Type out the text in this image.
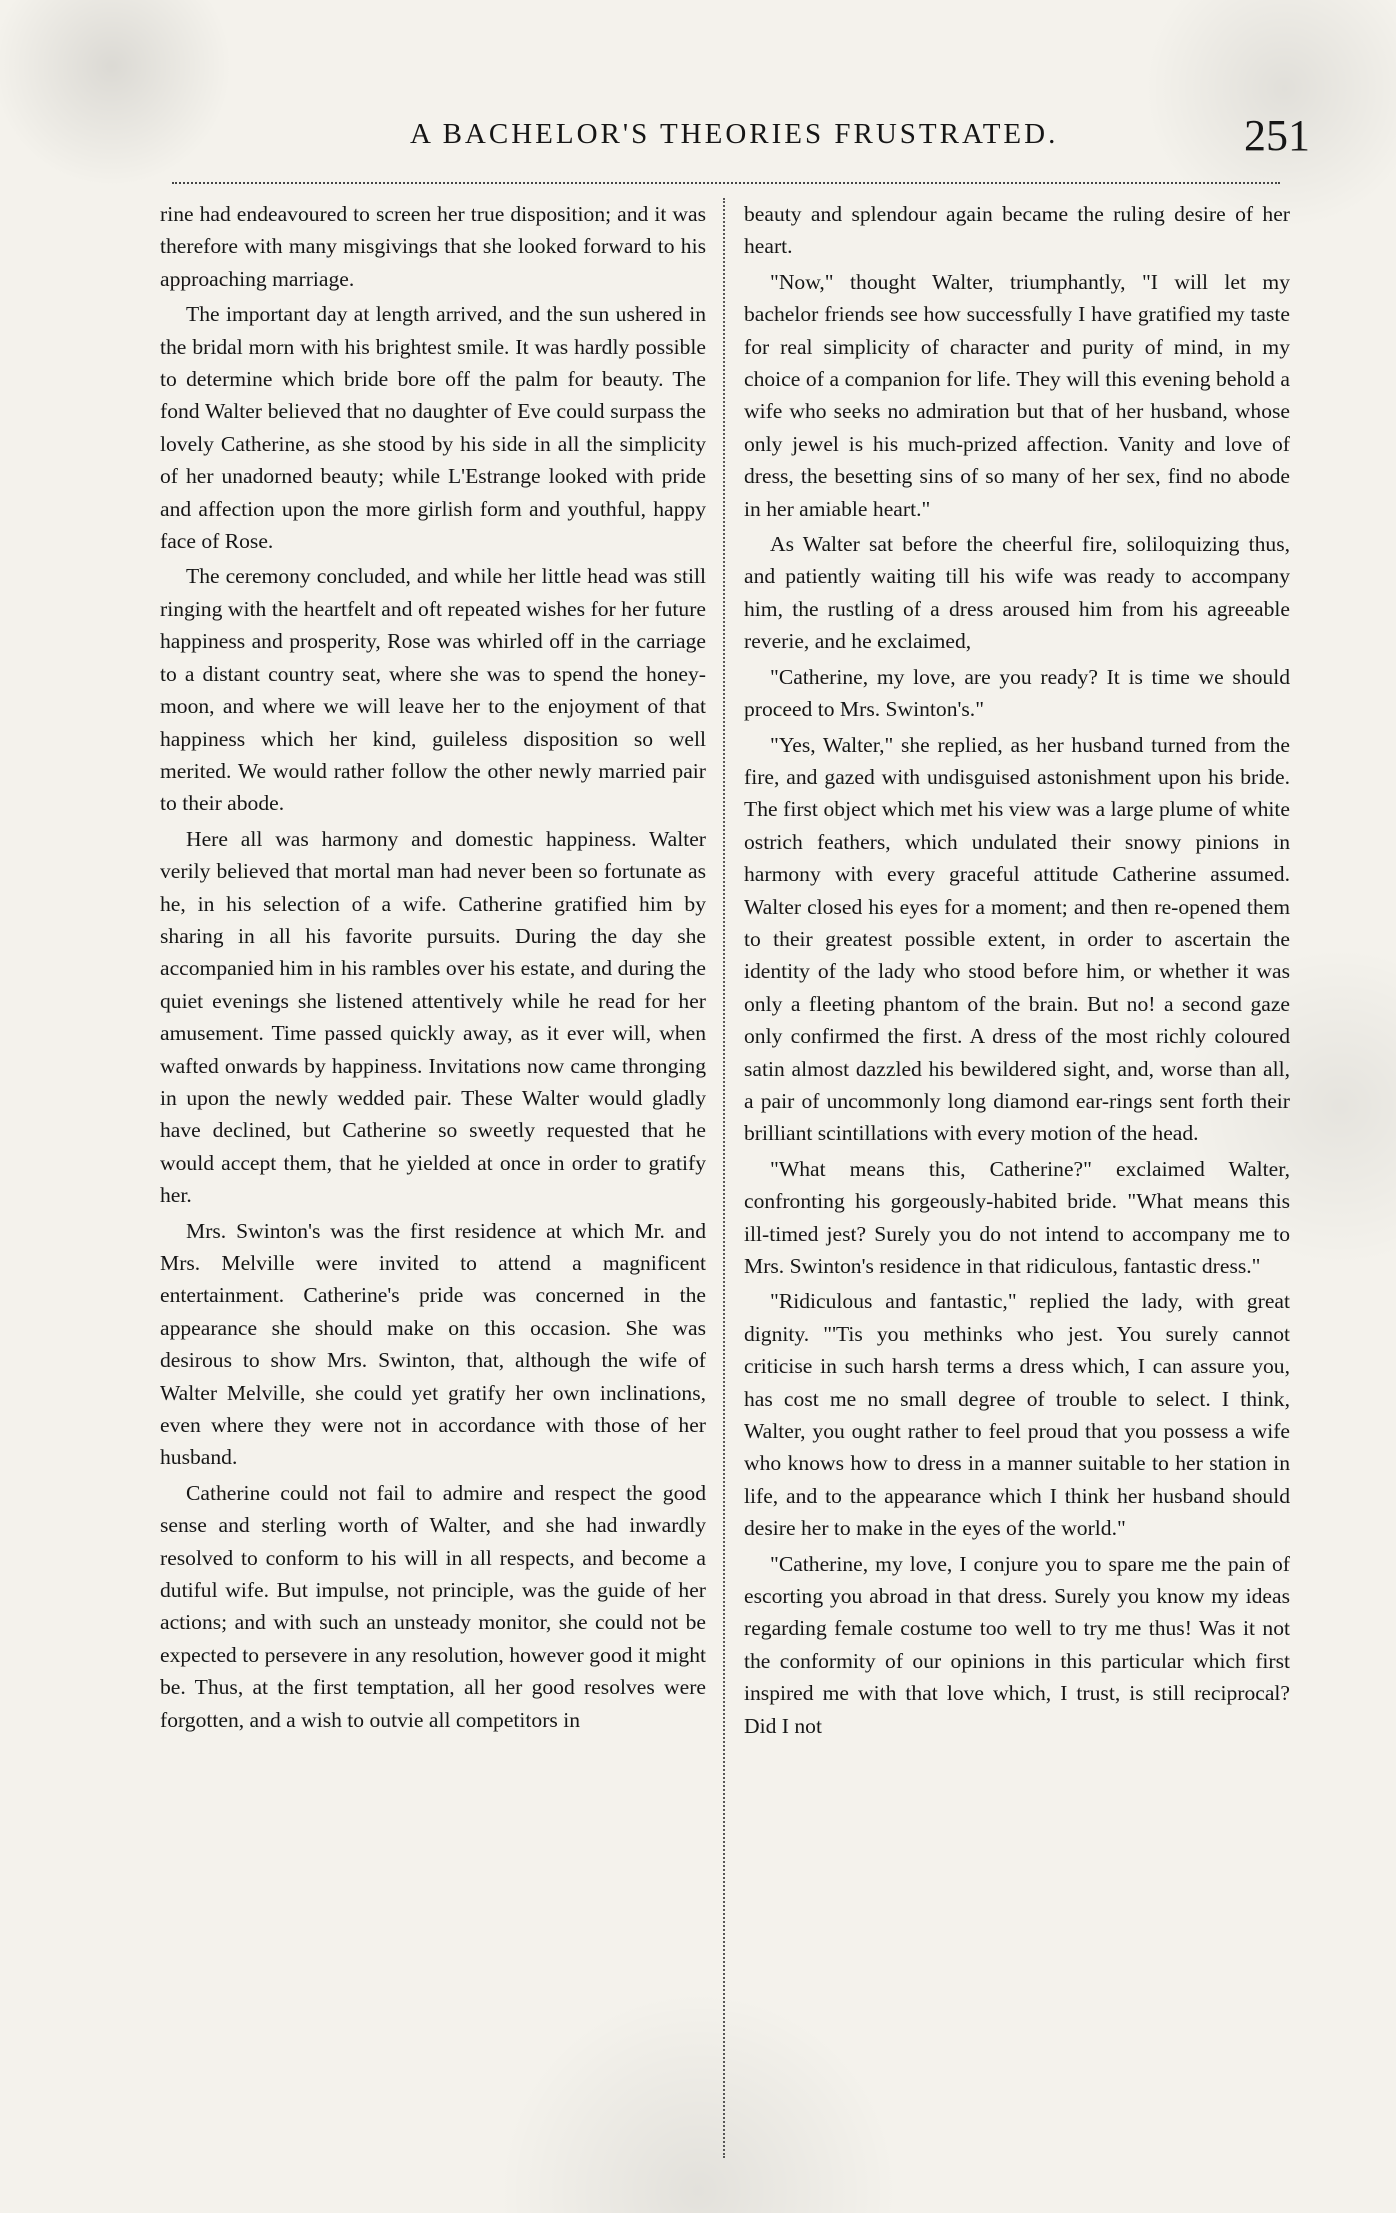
A BACHELOR'S THEORIES FRUSTRATED.	251

rine had endeavoured to screen her true disposition; and it was therefore with many misgivings that she looked forward to his approaching marriage.

The important day at length arrived, and the sun ushered in the bridal morn with his brightest smile. It was hardly possible to determine which bride bore off the palm for beauty. The fond Walter believed that no daughter of Eve could surpass the lovely Catherine, as she stood by his side in all the simplicity of her unadorned beauty; while L'Estrange looked with pride and affection upon the more girlish form and youthful, happy face of Rose.

The ceremony concluded, and while her little head was still ringing with the heartfelt and oft repeated wishes for her future happiness and prosperity, Rose was whirled off in the carriage to a distant country seat, where she was to spend the honey-moon, and where we will leave her to the enjoyment of that happiness which her kind, guileless disposition so well merited. We would rather follow the other newly married pair to their abode.

Here all was harmony and domestic happiness. Walter verily believed that mortal man had never been so fortunate as he, in his selection of a wife. Catherine gratified him by sharing in all his favorite pursuits. During the day she accompanied him in his rambles over his estate, and during the quiet evenings she listened attentively while he read for her amusement. Time passed quickly away, as it ever will, when wafted onwards by happiness. Invitations now came thronging in upon the newly wedded pair. These Walter would gladly have declined, but Catherine so sweetly requested that he would accept them, that he yielded at once in order to gratify her.

Mrs. Swinton's was the first residence at which Mr. and Mrs. Melville were invited to attend a magnificent entertainment. Catherine's pride was concerned in the appearance she should make on this occasion. She was desirous to show Mrs. Swinton, that, although the wife of Walter Melville, she could yet gratify her own inclinations, even where they were not in accordance with those of her husband.

Catherine could not fail to admire and respect the good sense and sterling worth of Walter, and she had inwardly resolved to conform to his will in all respects, and become a dutiful wife. But impulse, not principle, was the guide of her actions; and with such an unsteady monitor, she could not be expected to persevere in any resolution, however good it might be. Thus, at the first temptation, all her good resolves were forgotten, and a wish to outvie all competitors in

beauty and splendour again became the ruling desire of her heart.

"Now," thought Walter, triumphantly, "I will let my bachelor friends see how successfully I have gratified my taste for real simplicity of character and purity of mind, in my choice of a companion for life. They will this evening behold a wife who seeks no admiration but that of her husband, whose only jewel is his much-prized affection. Vanity and love of dress, the besetting sins of so many of her sex, find no abode in her amiable heart."

As Walter sat before the cheerful fire, soliloquizing thus, and patiently waiting till his wife was ready to accompany him, the rustling of a dress aroused him from his agreeable reverie, and he exclaimed,

"Catherine, my love, are you ready? It is time we should proceed to Mrs. Swinton's."

"Yes, Walter," she replied, as her husband turned from the fire, and gazed with undisguised astonishment upon his bride. The first object which met his view was a large plume of white ostrich feathers, which undulated their snowy pinions in harmony with every graceful attitude Catherine assumed. Walter closed his eyes for a moment; and then re-opened them to their greatest possible extent, in order to ascertain the identity of the lady who stood before him, or whether it was only a fleeting phantom of the brain. But no! a second gaze only confirmed the first. A dress of the most richly coloured satin almost dazzled his bewildered sight, and, worse than all, a pair of uncommonly long diamond ear-rings sent forth their brilliant scintillations with every motion of the head.

"What means this, Catherine?" exclaimed Walter, confronting his gorgeously-habited bride. "What means this ill-timed jest? Surely you do not intend to accompany me to Mrs. Swinton's residence in that ridiculous, fantastic dress."

"Ridiculous and fantastic," replied the lady, with great dignity. "'Tis you methinks who jest. You surely cannot criticise in such harsh terms a dress which, I can assure you, has cost me no small degree of trouble to select. I think, Walter, you ought rather to feel proud that you possess a wife who knows how to dress in a manner suitable to her station in life, and to the appearance which I think her husband should desire her to make in the eyes of the world."

"Catherine, my love, I conjure you to spare me the pain of escorting you abroad in that dress. Surely you know my ideas regarding female costume too well to try me thus! Was it not the conformity of our opinions in this particular which first inspired me with that love which, I trust, is still reciprocal? Did I not
